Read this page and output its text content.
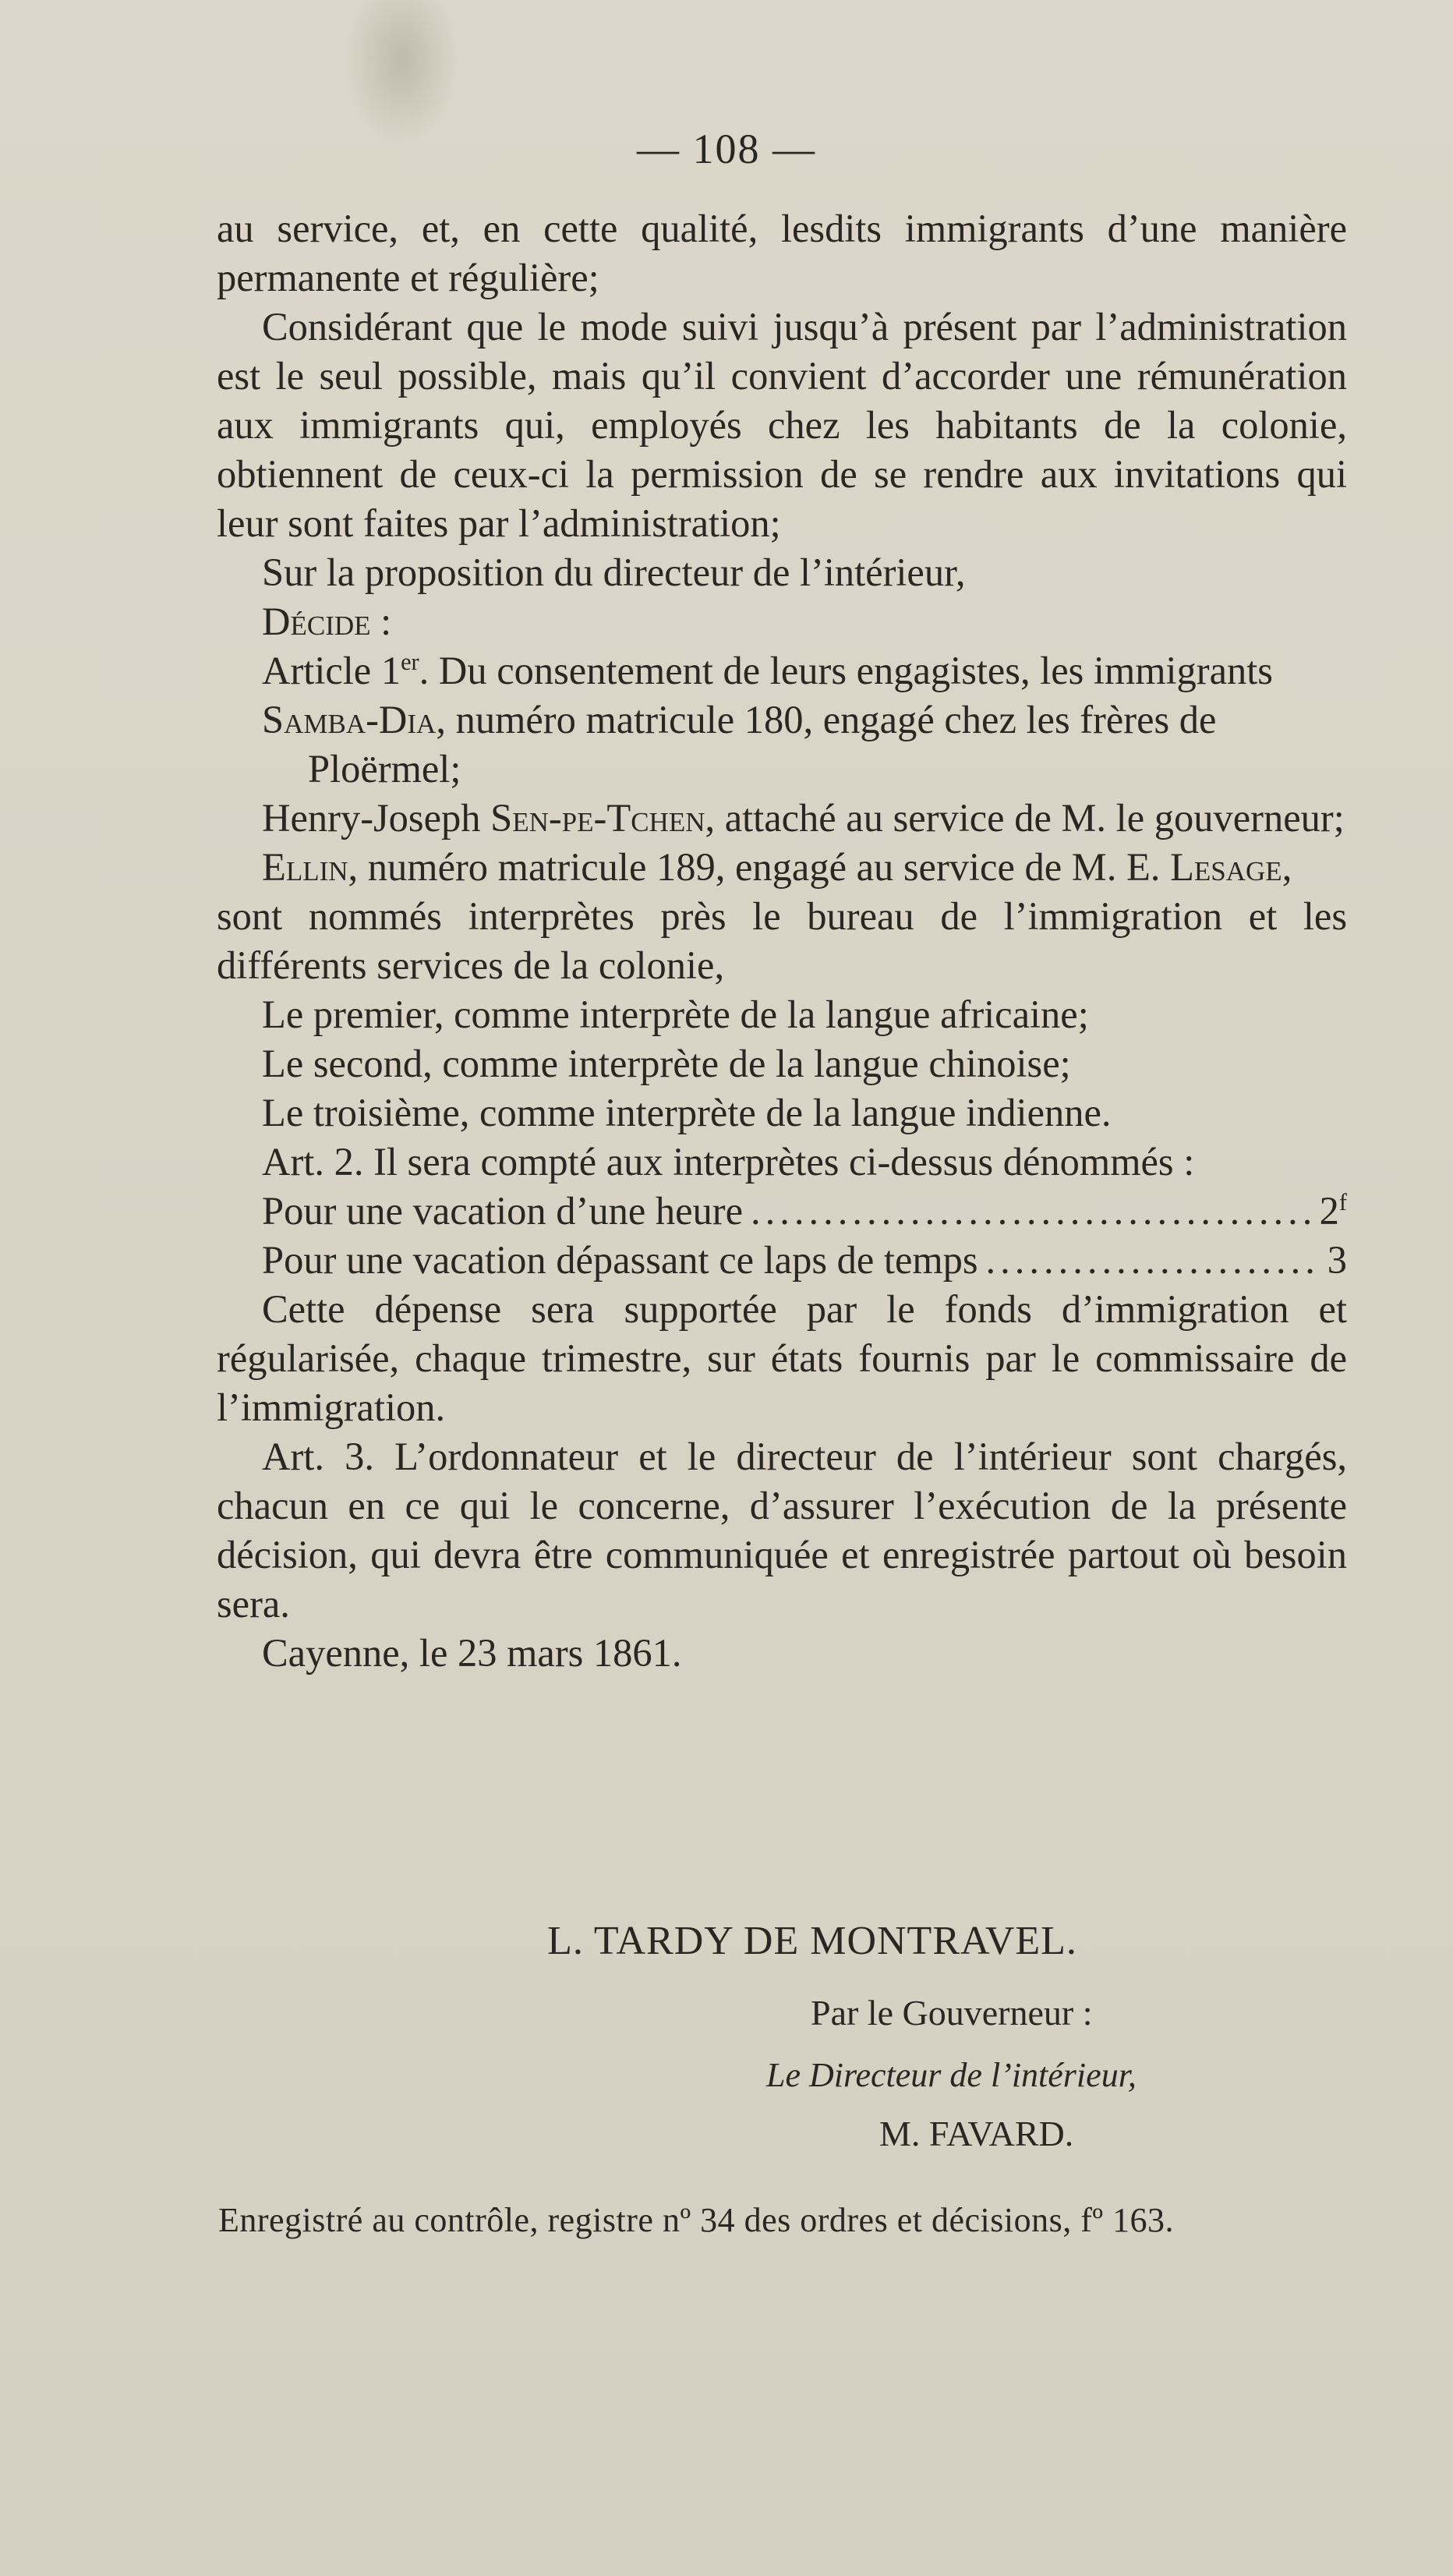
— 108 —

au service, et, en cette qualité, lesdits immigrants d’une manière permanente et régulière;

Considérant que le mode suivi jusqu’à présent par l’administration est le seul possible, mais qu’il convient d’accorder une rémunération aux immigrants qui, employés chez les habitants de la colonie, obtiennent de ceux-ci la permission de se rendre aux invitations qui leur sont faites par l’administration;

Sur la proposition du directeur de l’intérieur,

Décide :

Article 1er. Du consentement de leurs engagistes, les immigrants

Samba-Dia, numéro matricule 180, engagé chez les frères de Ploërmel;

Henry-Joseph Sen-pe-Tchen, attaché au service de M. le gouverneur;

Ellin, numéro matricule 189, engagé au service de M. E. Lesage,

sont nommés interprètes près le bureau de l’immigration et les différents services de la colonie,

Le premier, comme interprète de la langue africaine;

Le second, comme interprète de la langue chinoise;

Le troisième, comme interprète de la langue indienne.

Art. 2. Il sera compté aux interprètes ci-dessus dénommés :

Pour une vacation d’une heure .....	2$^f$
Pour une vacation dépassant ce laps de temps .....	3

Cette dépense sera supportée par le fonds d’immigration et régularisée, chaque trimestre, sur états fournis par le commissaire de l’immigration.

Art. 3. L’ordonnateur et le directeur de l’intérieur sont chargés, chacun en ce qui le concerne, d’assurer l’exécution de la présente décision, qui devra être communiquée et enregistrée partout où besoin sera.

Cayenne, le 23 mars 1861.

L. TARDY DE MONTRAVEL.
Par le Gouverneur :
Le Directeur de l’intérieur,
M. FAVARD.
Enregistré au contrôle, registre nº 34 des ordres et décisions, fº 163.
